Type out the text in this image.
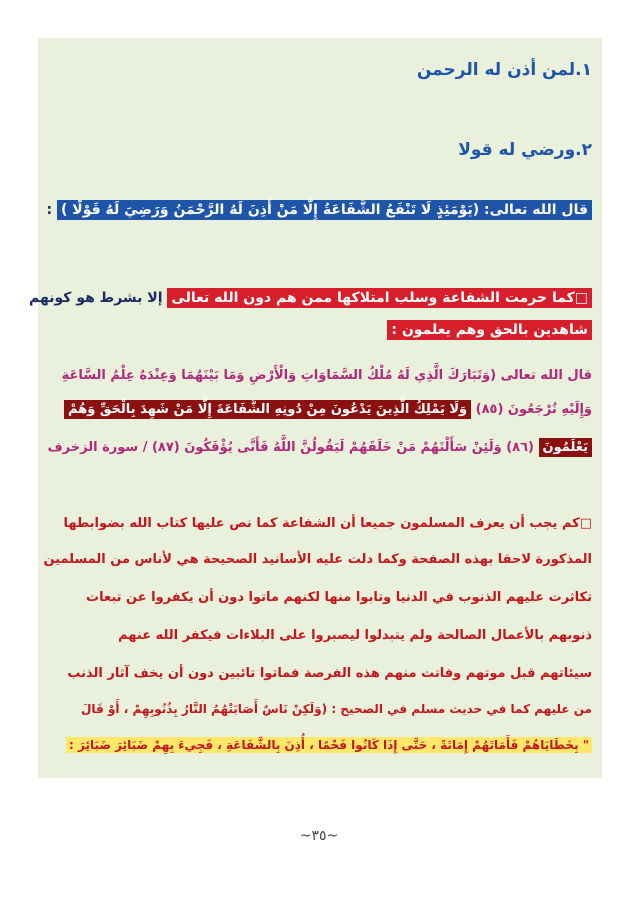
١.لمن أذن له الرحمن
٢.ورضي له قولا
قال الله تعالى: (يَوْمَئِذٍ لَا تَنْفَعُ الشَّفَاعَةُ إِلَّا مَنْ أَذِنَ لَهُ الرَّحْمَنُ وَرَضِيَ لَهُ قَوْلًا ) :
□كما حرمت الشفاعة وسلب امتلاكها ممن هم دون الله تعالى إلا بشرط هو كونهم
شاهدين بالحق وهم يعلمون :
قال الله تعالى (وَتَبَارَكَ الَّذِي لَهُ مُلْكُ السَّمَاوَاتِ وَالْأَرْضِ وَمَا بَيْنَهُمَا وَعِنْدَهُ عِلْمُ السَّاعَةِ
وَإِلَيْهِ تُرْجَعُونَ (٨٥) وَلَا يَمْلِكُ الَّذِينَ يَدْعُونَ مِنْ دُونِهِ الشَّفَاعَةَ إِلَّا مَنْ شَهِدَ بِالْحَقِّ وَهُمْ
يَعْلَمُونَ (٨٦) وَلَئِنْ سَأَلْتَهُمْ مَنْ خَلَقَهُمْ لَيَقُولُنَّ اللَّهُ فَأَنَّى يُؤْفَكُونَ (٨٧) / سورة الزخرف
□كم يجب أن يعرف المسلمون جميعا أن الشفاعة كما نص عليها كتاب الله بضوابطها
المذكورة لاحقا بهذه الصفحة وكما دلت عليه الأسانيد الصحيحة هي لأناس من المسلمين
تكاثرت عليهم الذنوب في الدنيا وتابوا منها لكنهم ماتوا دون أن يكفروا عن تبعات
ذنوبهم بالأعمال الصالحة ولم يتبدلوا ليصبروا على البلاءات فيكفر الله عنهم
سيئاتهم قبل موتهم وفاتت منهم هذه الفرصة فماتوا تائبين دون أن يخف آثار الذنب
من عليهم كما في حديث مسلم في الصحيح : (وَلَكِنْ نَاسٌ أَصَابَتْهُمُ النَّارُ بِذُنُوبِهِمْ ، أَوْ قَالَ
" بِخَطَايَاهُمْ فَأَمَاتَهُمْ إِمَاتَةً ، حَتَّى إِذَا كَانُوا فَحْمًا ، أُذِنَ بِالشَّفَاعَةِ ، فَجِيءَ بِهِمْ ضَبَائِرَ ضَبَائِرَ :
~٣٥~
